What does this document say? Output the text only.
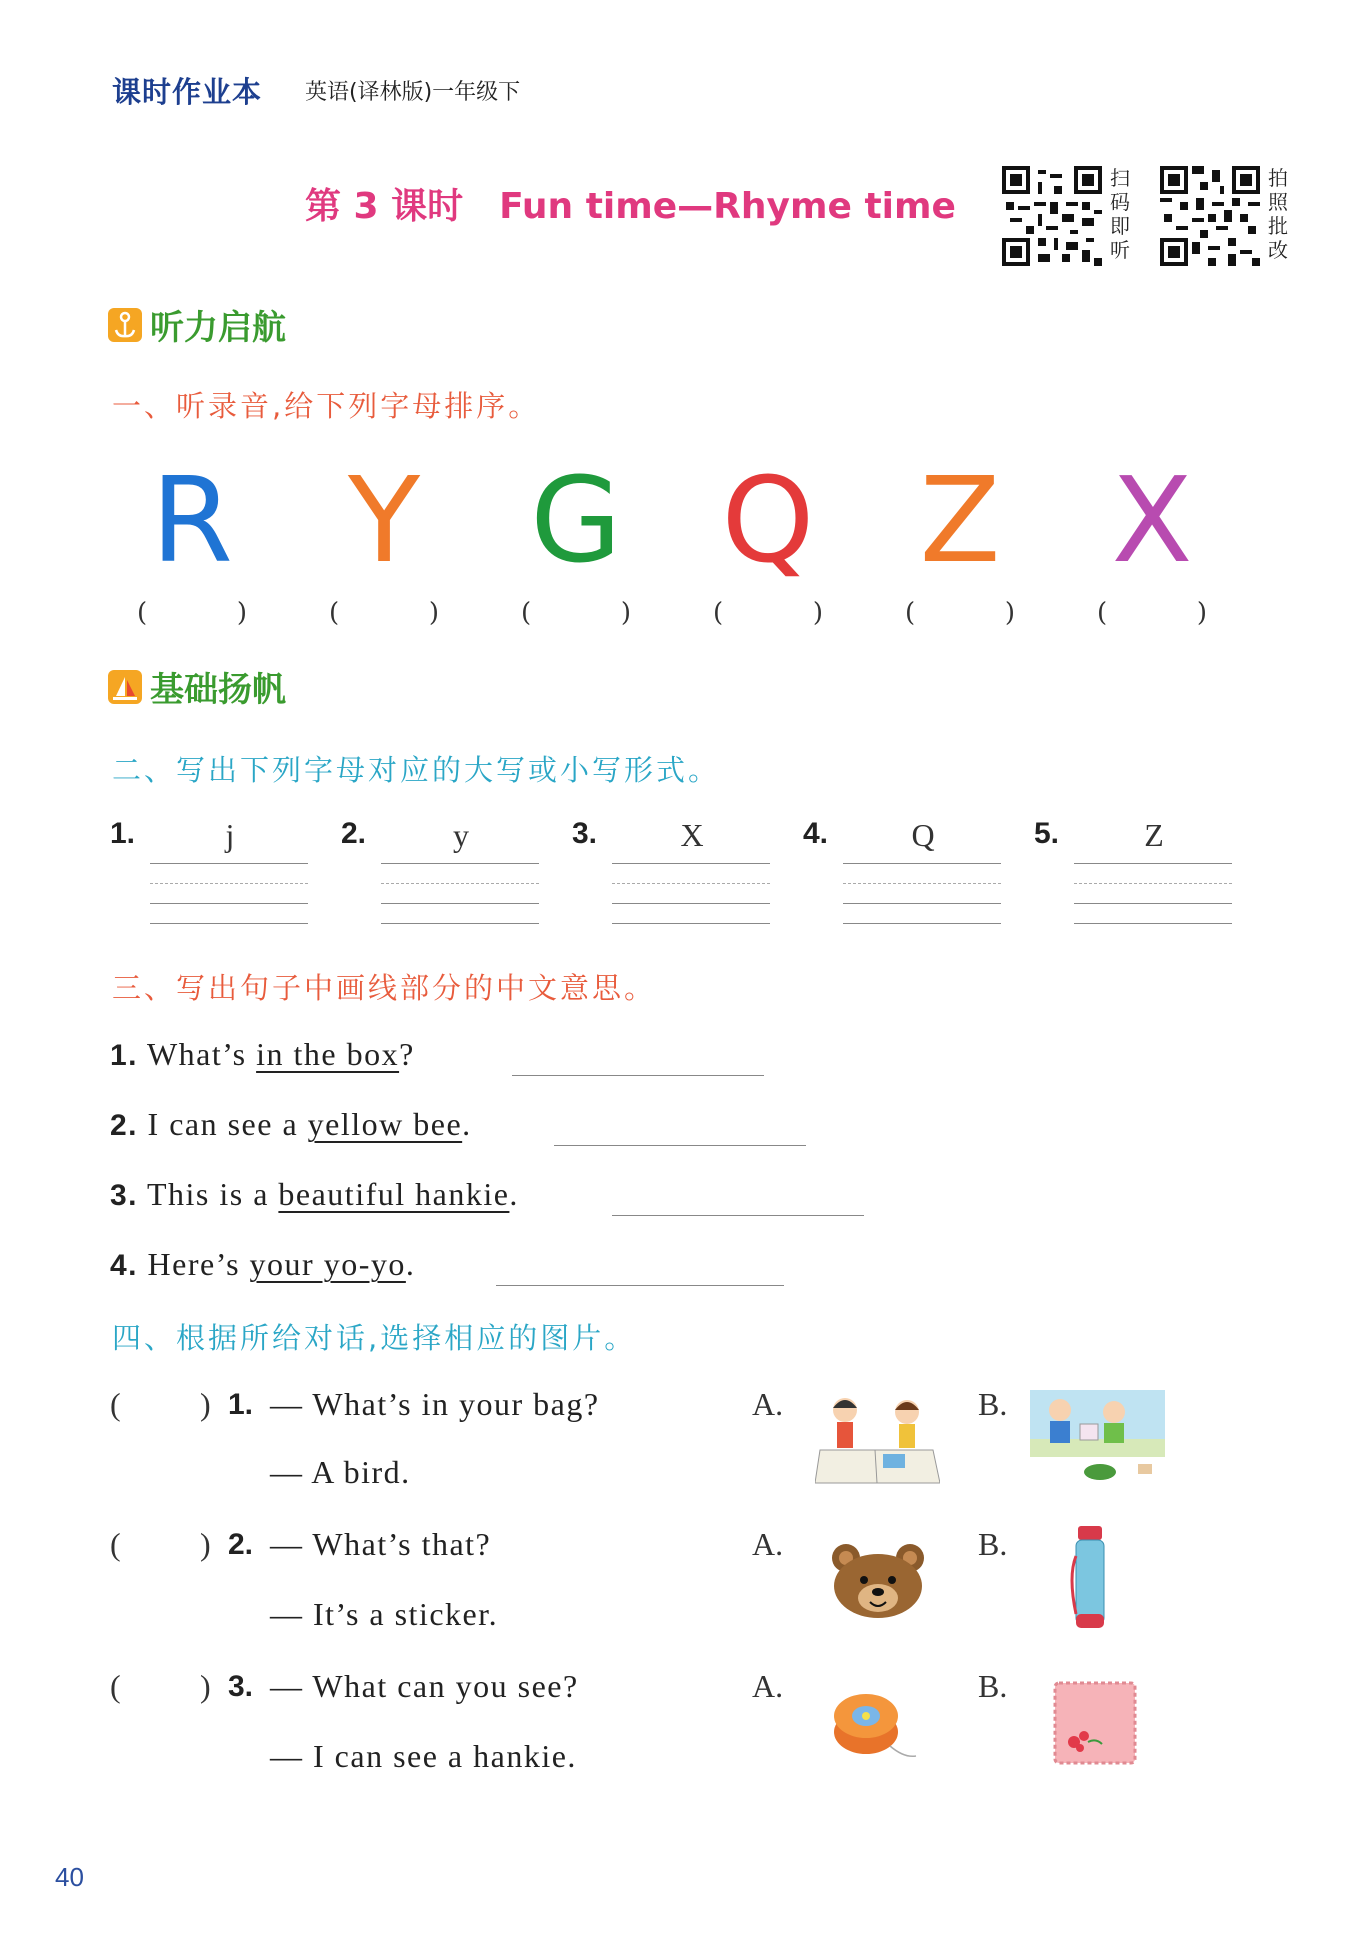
课时作业本 英语(译林版)一年级下
第 3 课时　Fun time—Rhyme time
扫
码
即
听
拍
照
批
改
听力启航
一、听录音,给下列字母排序。
R Y G Q Z X
(	)	(	)	(	)	(	)	(	)	(	)
基础扬帆
二、写出下列字母对应的大写或小写形式。
1.	j	2.	y	3.	X	4.	Q	5.	Z
三、写出句子中画线部分的中文意思。
1. What’s in the box?
2. I can see a yellow bee.
3. This is a beautiful hankie.
4. Here’s your yo-yo.
四、根据所给对话,选择相应的图片。
( ) 1. — What’s in your bag?
— A bird.
A.	B.
( ) 2. — What’s that?
— It’s a sticker.
A.	B.
( ) 3. — What can you see?
— I can see a hankie.
A.	B.
40
